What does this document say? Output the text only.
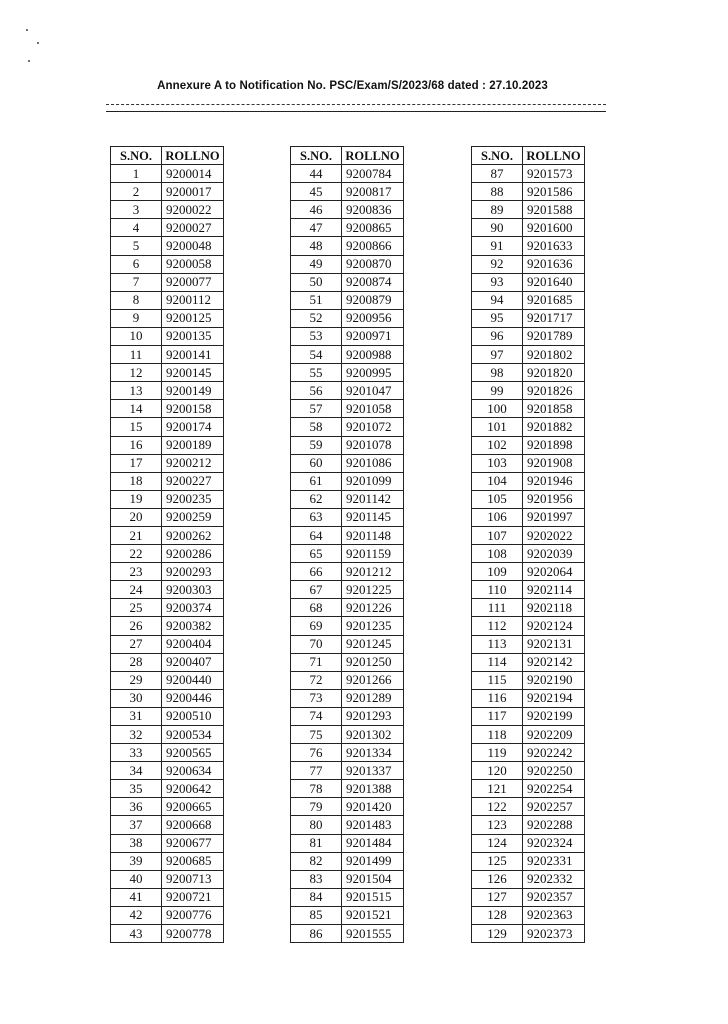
Annexure A to Notification No. PSC/Exam/S/2023/68 dated : 27.10.2023
S.NO.	ROLLNO
1	9200014
2	9200017
3	9200022
4	9200027
5	9200048
6	9200058
7	9200077
8	9200112
9	9200125
10	9200135
11	9200141
12	9200145
13	9200149
14	9200158
15	9200174
16	9200189
17	9200212
18	9200227
19	9200235
20	9200259
21	9200262
22	9200286
23	9200293
24	9200303
25	9200374
26	9200382
27	9200404
28	9200407
29	9200440
30	9200446
31	9200510
32	9200534
33	9200565
34	9200634
35	9200642
36	9200665
37	9200668
38	9200677
39	9200685
40	9200713
41	9200721
42	9200776
43	9200778
S.NO.	ROLLNO
44	9200784
45	9200817
46	9200836
47	9200865
48	9200866
49	9200870
50	9200874
51	9200879
52	9200956
53	9200971
54	9200988
55	9200995
56	9201047
57	9201058
58	9201072
59	9201078
60	9201086
61	9201099
62	9201142
63	9201145
64	9201148
65	9201159
66	9201212
67	9201225
68	9201226
69	9201235
70	9201245
71	9201250
72	9201266
73	9201289
74	9201293
75	9201302
76	9201334
77	9201337
78	9201388
79	9201420
80	9201483
81	9201484
82	9201499
83	9201504
84	9201515
85	9201521
86	9201555
S.NO.	ROLLNO
87	9201573
88	9201586
89	9201588
90	9201600
91	9201633
92	9201636
93	9201640
94	9201685
95	9201717
96	9201789
97	9201802
98	9201820
99	9201826
100	9201858
101	9201882
102	9201898
103	9201908
104	9201946
105	9201956
106	9201997
107	9202022
108	9202039
109	9202064
110	9202114
111	9202118
112	9202124
113	9202131
114	9202142
115	9202190
116	9202194
117	9202199
118	9202209
119	9202242
120	9202250
121	9202254
122	9202257
123	9202288
124	9202324
125	9202331
126	9202332
127	9202357
128	9202363
129	9202373
